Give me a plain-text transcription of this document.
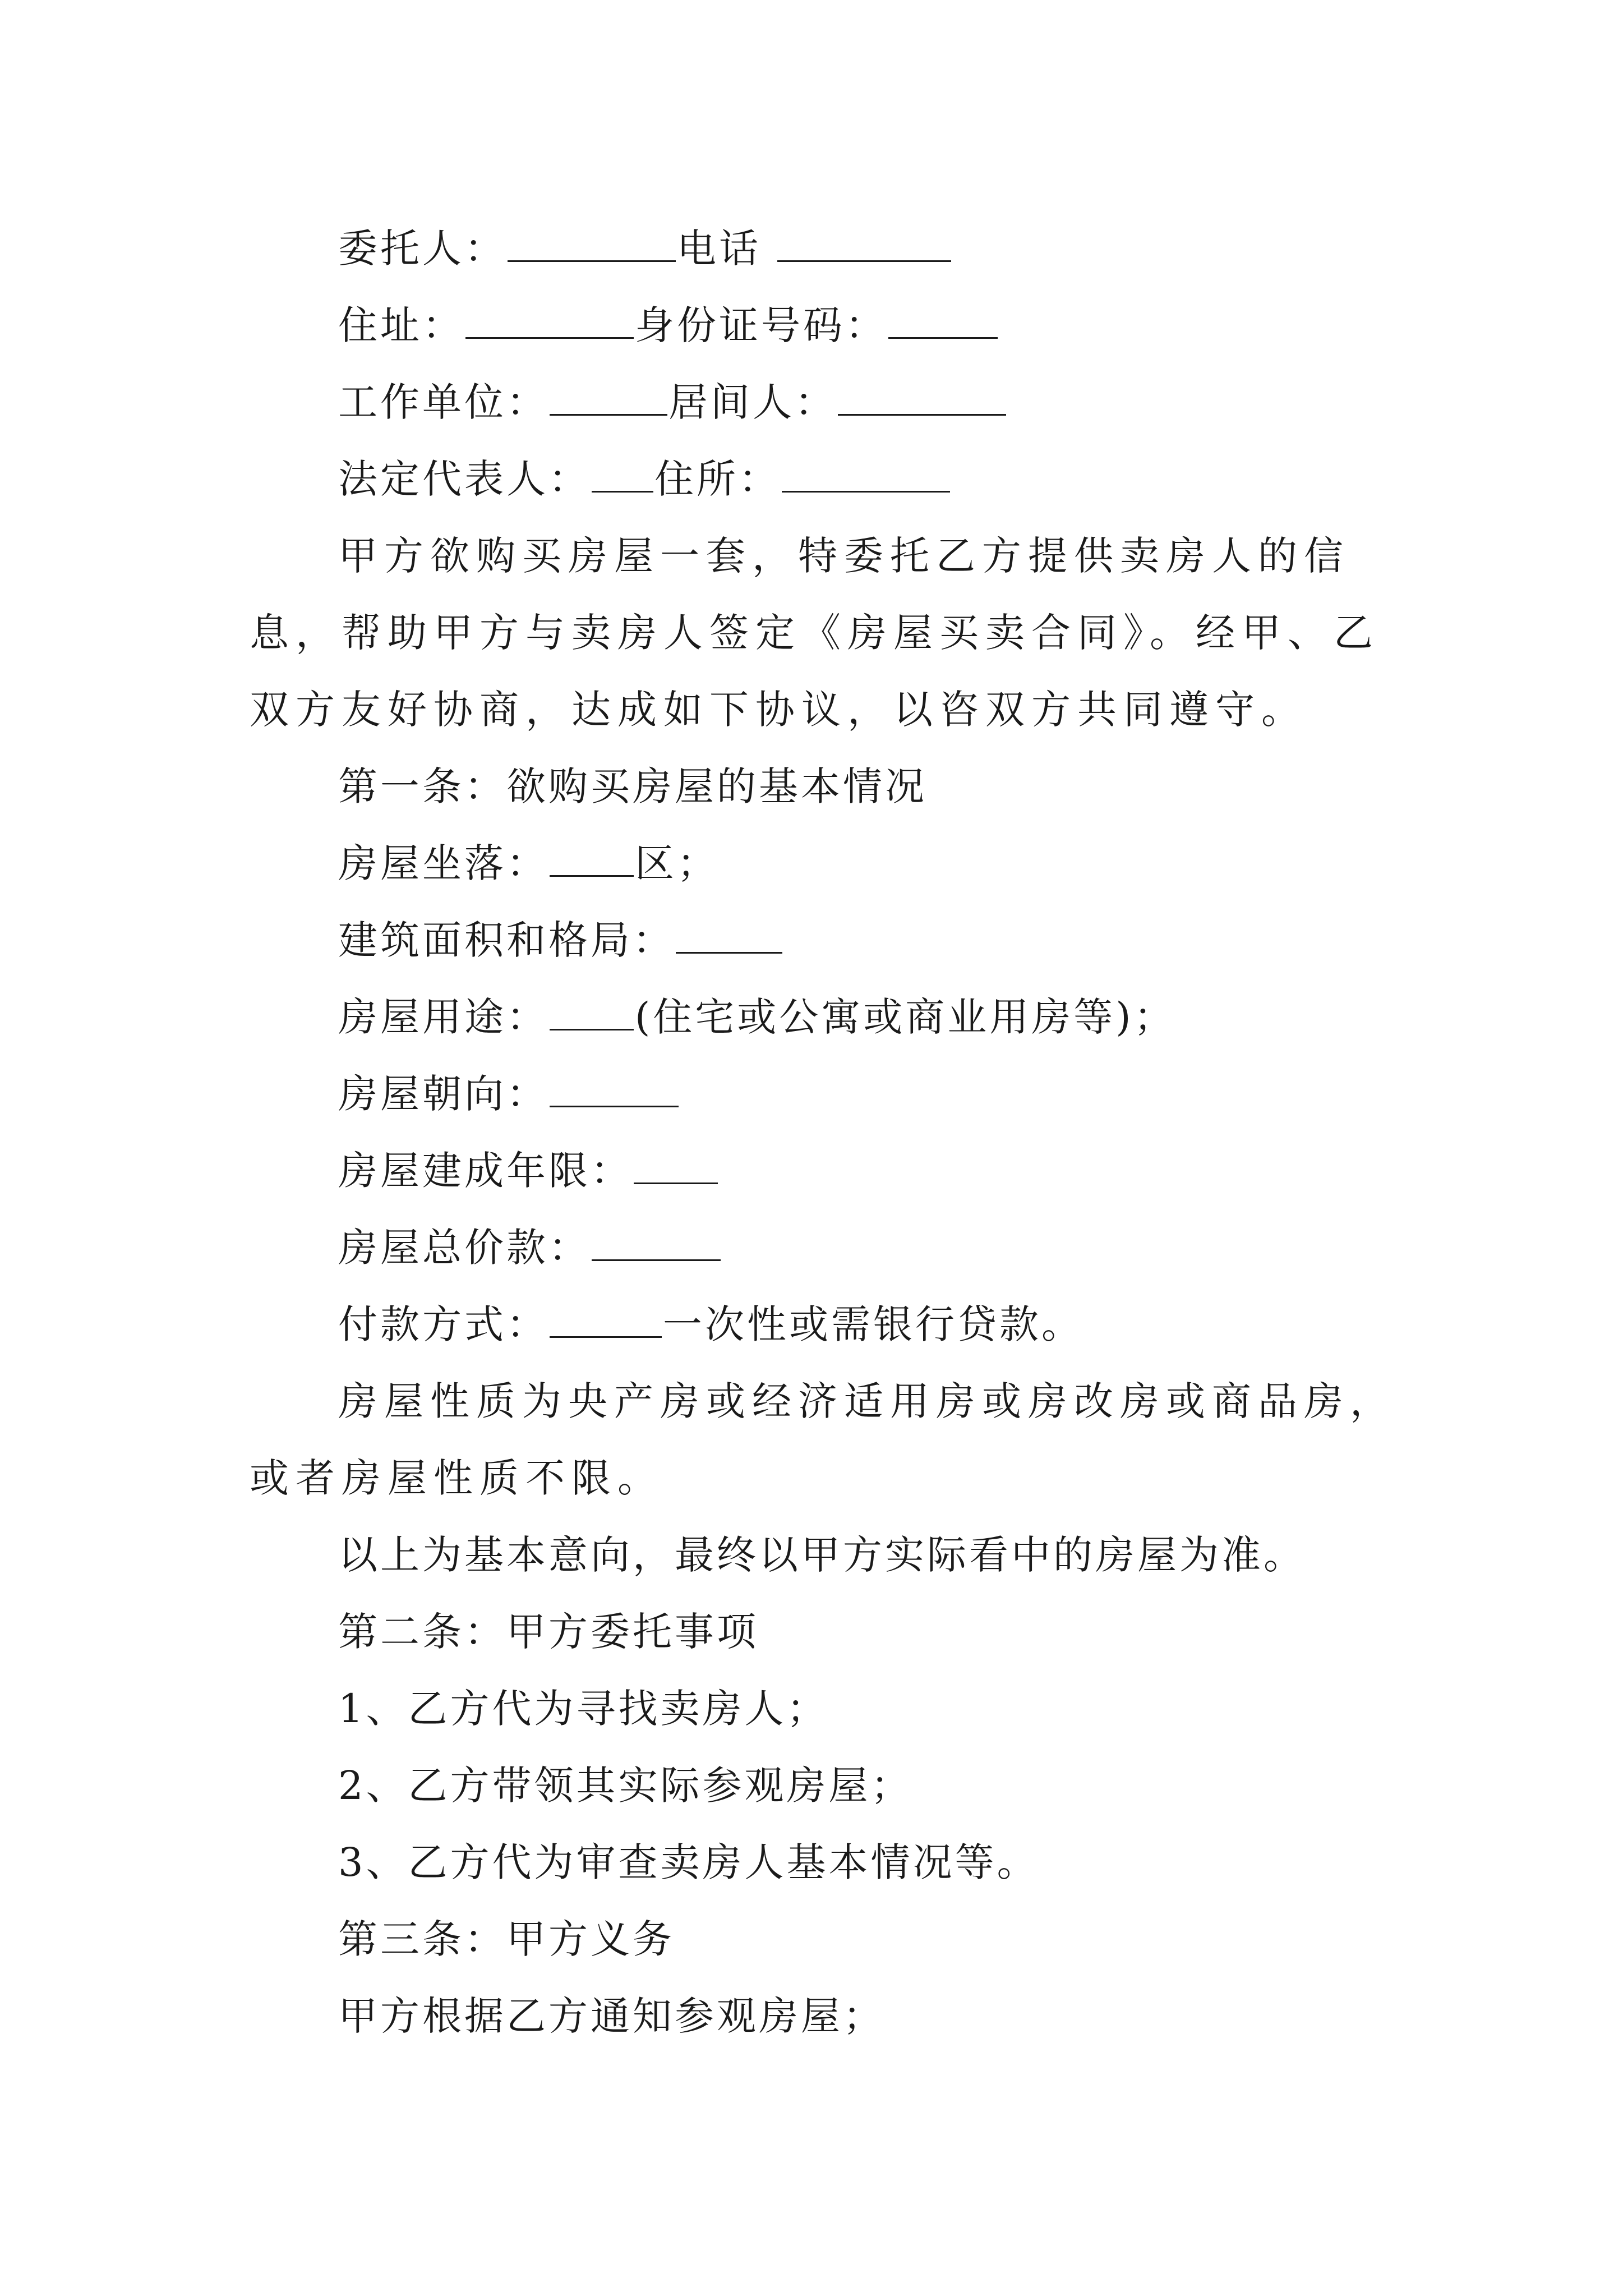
委托人：	电话

住址：	身份证号码：

工作单位：	居间人：

法定代表人： 住所：

甲方欲购买房屋一套，特委托乙方提供卖房人的信息，帮助甲方与卖房人签定《房屋买卖合同》。经甲、乙双方友好协商，达成如下协议，以咨双方共同遵守。

第一条：欲购买房屋的基本情况

房屋坐落： 区；

建筑面积和格局：

房屋用途： (住宅或公寓或商业用房等)；

房屋朝向：

房屋建成年限：

房屋总价款：

付款方式：	一次性或需银行贷款。

房屋性质为央产房或经济适用房或房改房或商品房，或者房屋性质不限。

以上为基本意向，最终以甲方实际看中的房屋为准。

第二条：甲方委托事项

1、乙方代为寻找卖房人；

2、乙方带领其实际参观房屋；

3、乙方代为审查卖房人基本情况等。

第三条：甲方义务

甲方根据乙方通知参观房屋；
